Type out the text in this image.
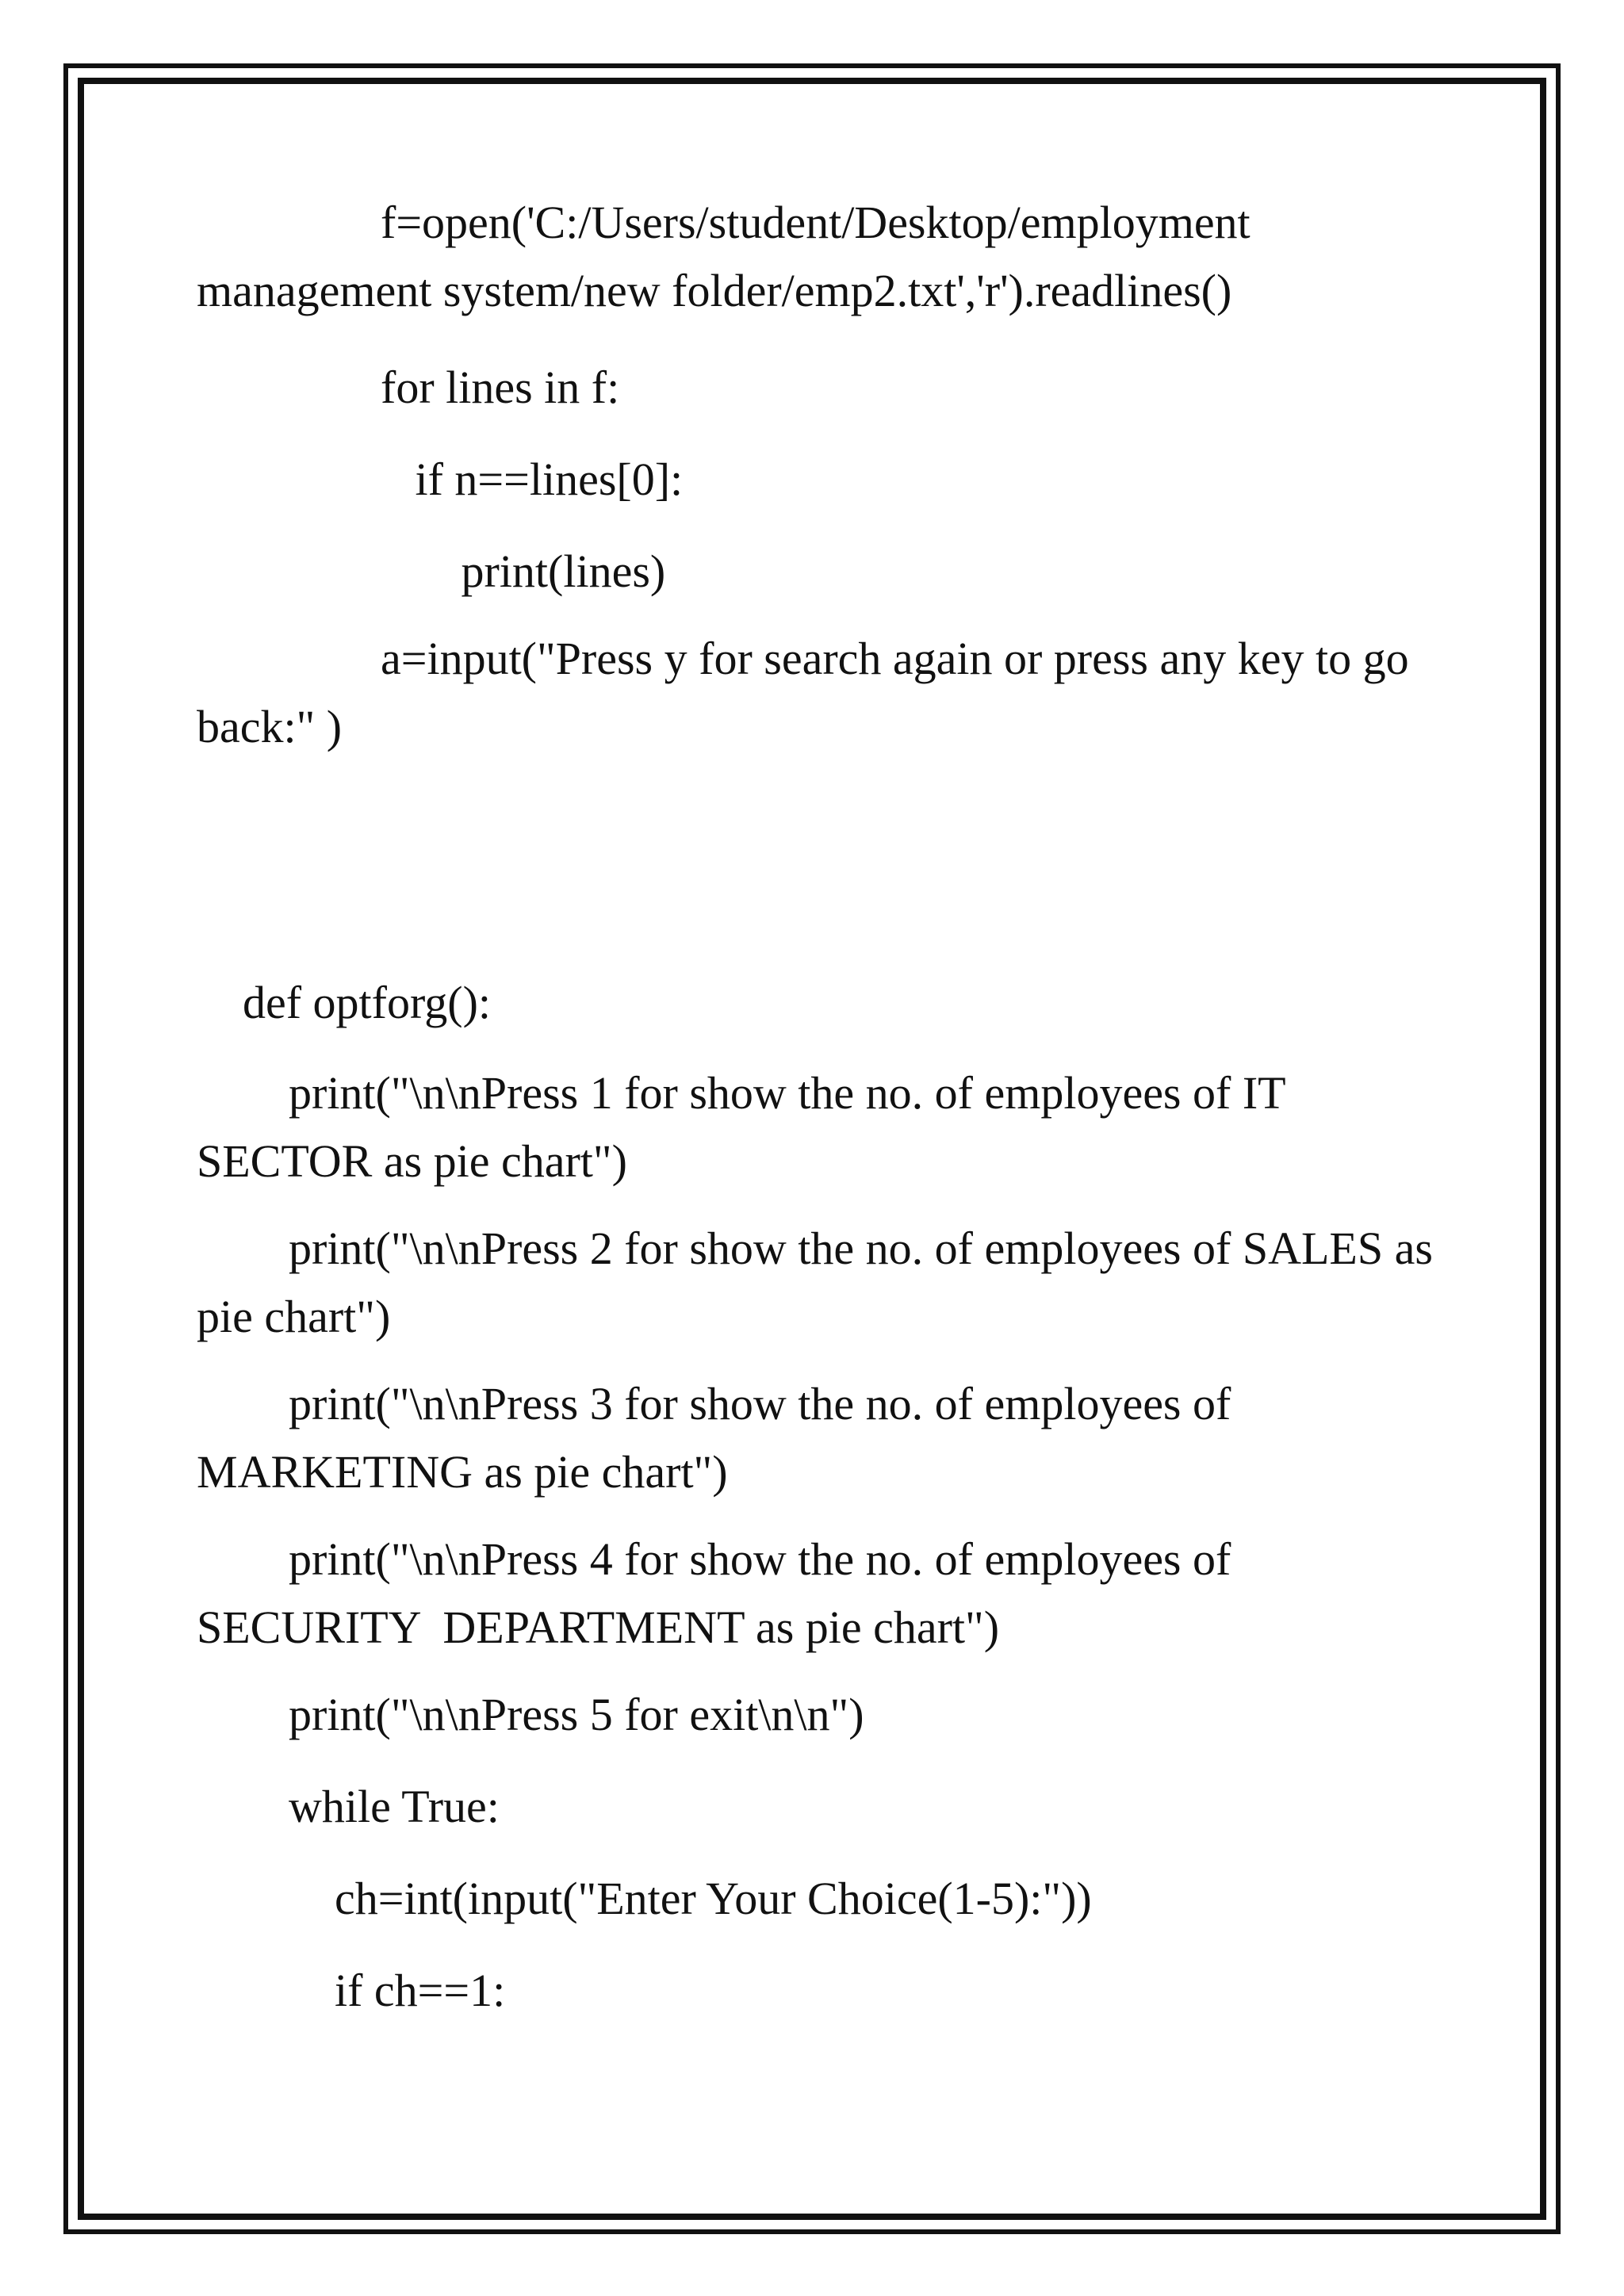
f=open('C:/Users/student/Desktop/employment management system/new folder/emp2.txt','r').readlines()

for lines in f:

if n==lines[0]:

print(lines)

a=input("Press y for search again or press any key to go back:" )

def optforg():

print("\n\nPress 1 for show the no. of employees of IT SECTOR as pie chart")

print("\n\nPress 2 for show the no. of employees of SALES as pie chart")

print("\n\nPress 3 for show the no. of employees of MARKETING as pie chart")

print("\n\nPress 4 for show the no. of employees of SECURITY  DEPARTMENT as pie chart")

print("\n\nPress 5 for exit\n\n")

while True:

ch=int(input("Enter Your Choice(1-5):"))

if ch==1:
